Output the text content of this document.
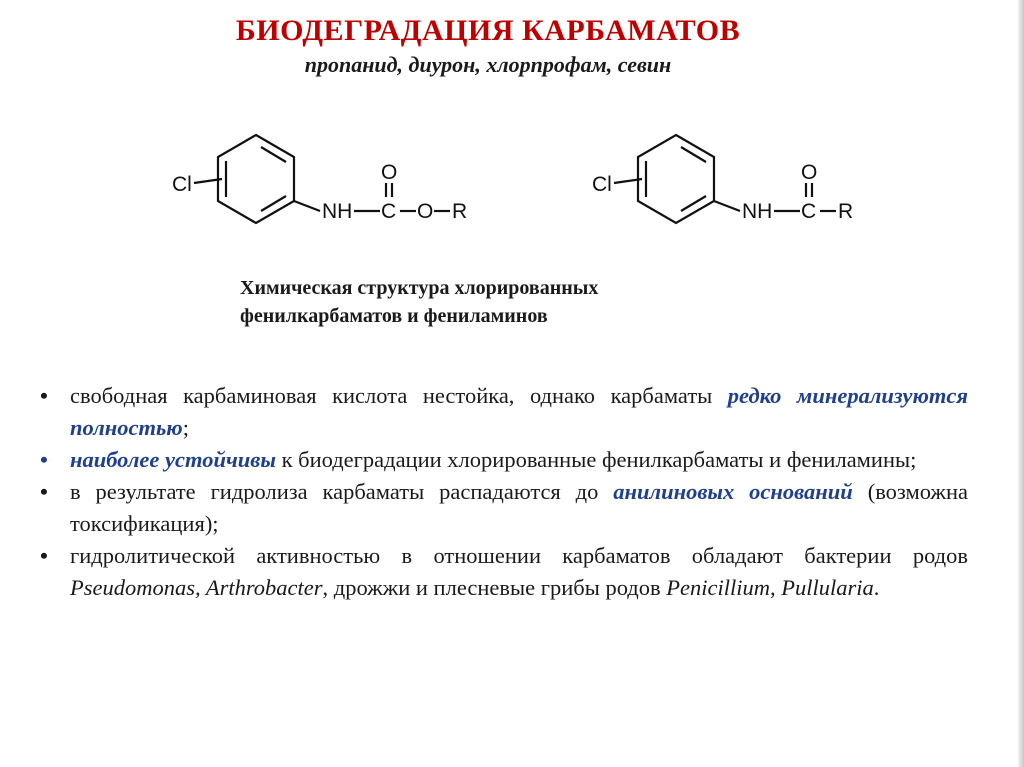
БИОДЕГРАДАЦИЯ КАРБАМАТОВ
пропанид, диурон, хлорпрофам, севин
Cl
NH C
O
O R
Cl
NH C
O
R
Химическая структура хлорированных
фенилкарбаматов и фениламинов
• свободная карбаминовая кислота нестойка, однако карбаматы редко минерализуются полностью;
• наиболее устойчивы к биодеградации хлорированные фенилкарбаматы и фениламины;
• в результате гидролиза карбаматы распадаются до анилиновых оснований (возможна токсификация);
• гидролитической активностью в отношении карбаматов обладают бактерии родов Pseudomonas, Arthrobacter, дрожжи и плесневые грибы родов Penicillium, Pullularia.
